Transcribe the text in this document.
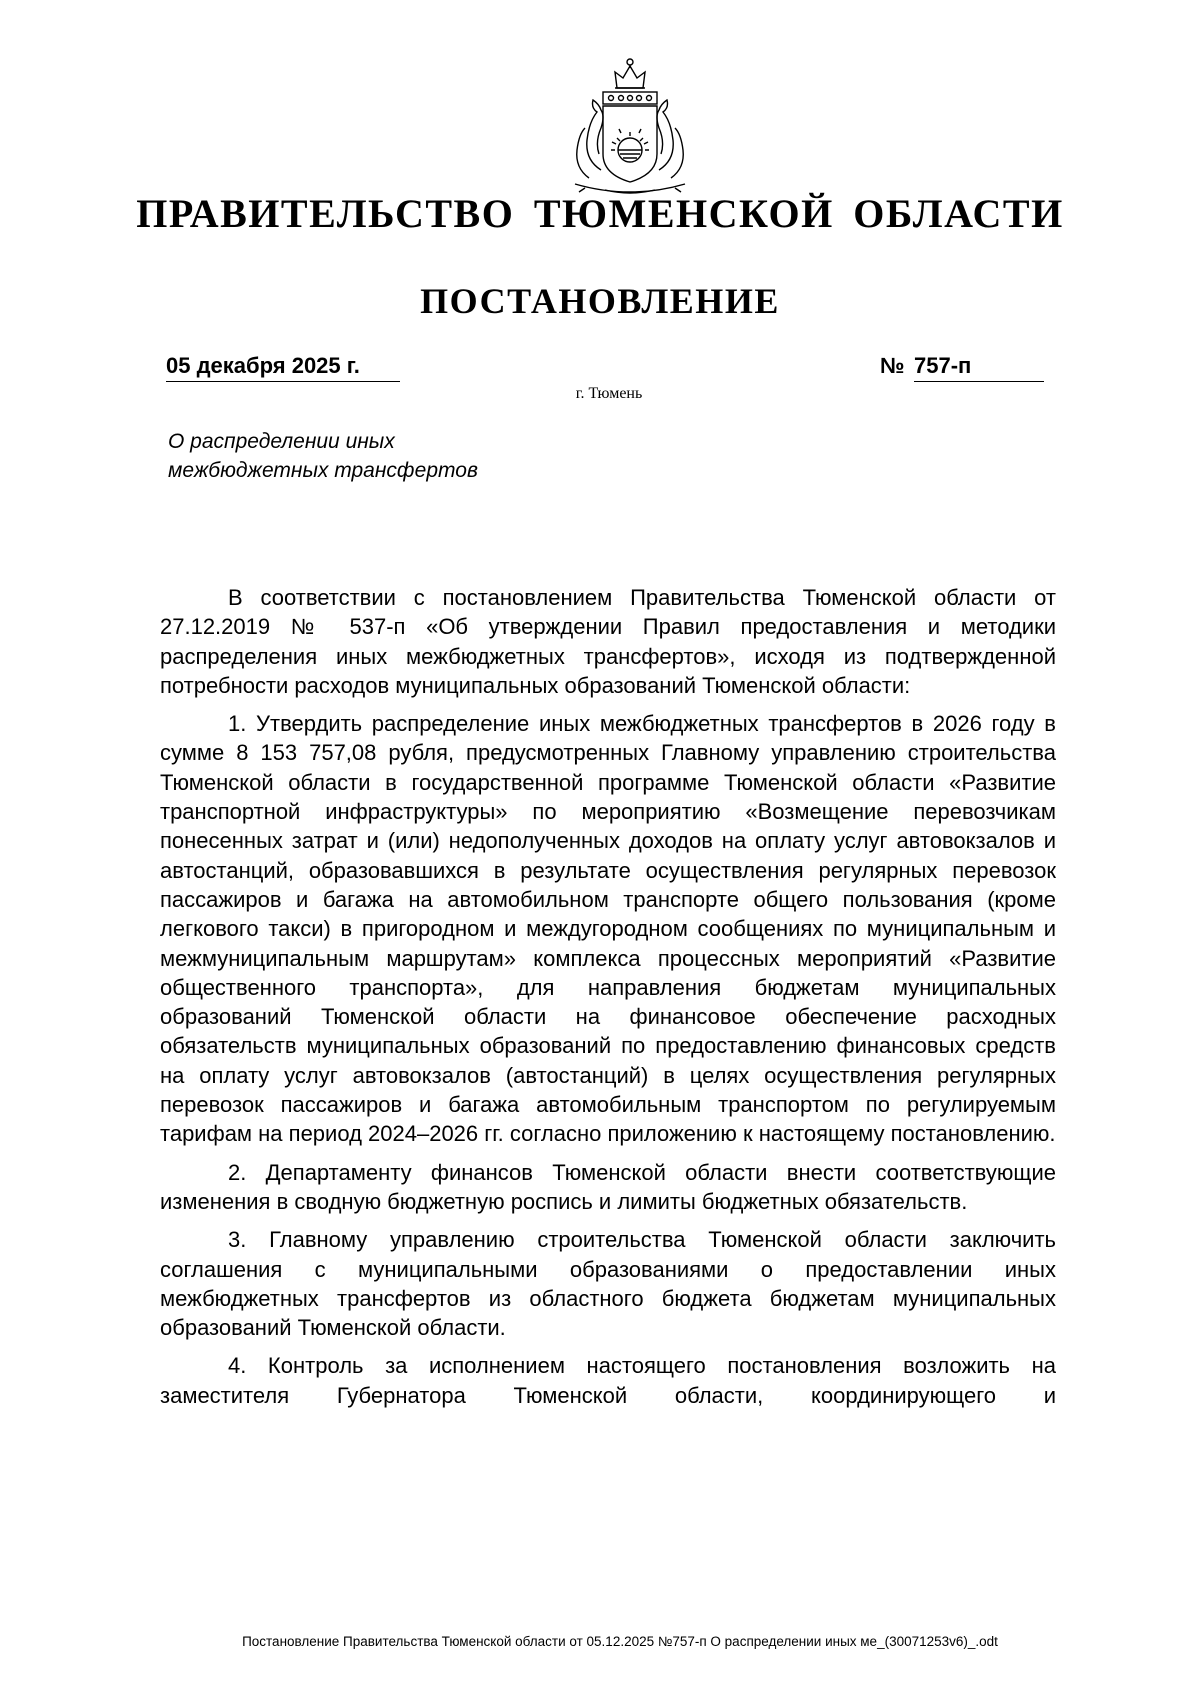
ПРАВИТЕЛЬСТВО ТЮМЕНСКОЙ ОБЛАСТИ
ПОСТАНОВЛЕНИЕ
05 декабря 2025 г.	№ 757-п
г. Тюмень
О распределении иных
межбюджетных трансфертов

В соответствии с постановлением Правительства Тюменской области от 27.12.2019 № 537-п «Об утверждении Правил предоставления и методики распределения иных межбюджетных трансфертов», исходя из подтвержденной потребности расходов муниципальных образований Тюменской области:

1. Утвердить распределение иных межбюджетных трансфертов в 2026 году в сумме 8 153 757,08 рубля, предусмотренных Главному управлению строительства Тюменской области в государственной программе Тюменской области «Развитие транспортной инфраструктуры» по мероприятию «Возмещение перевозчикам понесенных затрат и (или) недополученных доходов на оплату услуг автовокзалов и автостанций, образовавшихся в результате осуществления регулярных перевозок пассажиров и багажа на автомобильном транспорте общего пользования (кроме легкового такси) в пригородном и междугородном сообщениях по муниципальным и межмуниципальным маршрутам» комплекса процессных мероприятий «Развитие общественного транспорта», для направления бюджетам муниципальных образований Тюменской области на финансовое обеспечение расходных обязательств муниципальных образований по предоставлению финансовых средств на оплату услуг автовокзалов (автостанций) в целях осуществления регулярных перевозок пассажиров и багажа автомобильным транспортом по регулируемым тарифам на период 2024–2026 гг. согласно приложению к настоящему постановлению.

2. Департаменту финансов Тюменской области внести соответствующие изменения в сводную бюджетную роспись и лимиты бюджетных обязательств.

3. Главному управлению строительства Тюменской области заключить соглашения с муниципальными образованиями о предоставлении иных межбюджетных трансфертов из областного бюджета бюджетам муниципальных образований Тюменской области.

4. Контроль за исполнением настоящего постановления возложить на заместителя Губернатора Тюменской области, координирующего и

Постановление Правительства Тюменской области от 05.12.2025 №757-п О распределении иных ме_(30071253v6)_.odt
